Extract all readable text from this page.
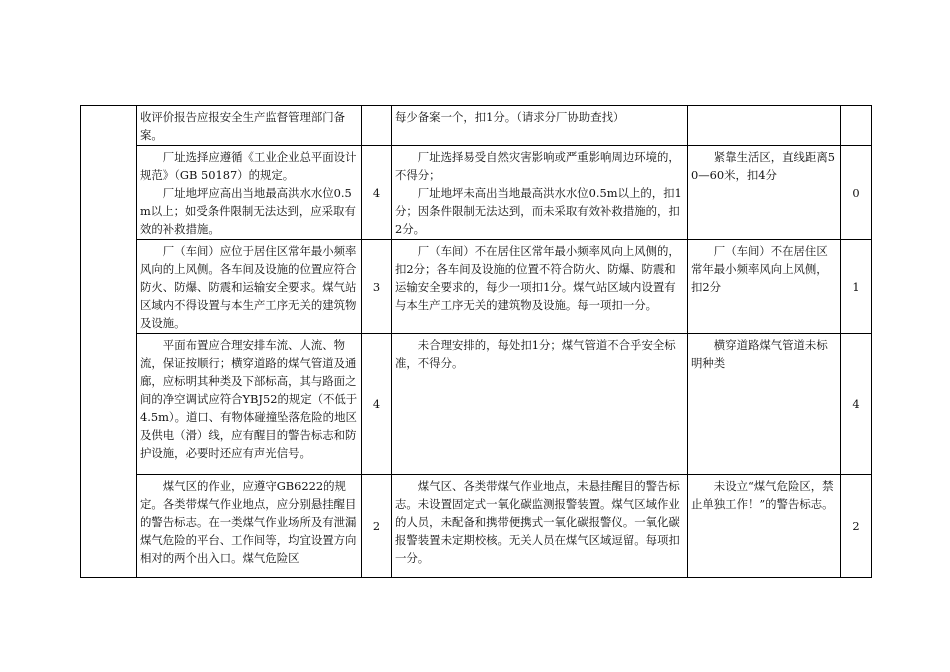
	收评价报告应报安全生产监督管理部门备案。		每少备案一个，扣1分。（请求分厂协助查找）		

	厂址选择应遵循《工业企业总平面设计规范》（GB 50187）的规定。
厂址地坪应高出当地最高洪水水位0.5m以上；如受条件限制无法达到，应采取有效的补救措施。	4	厂址选择易受自然灾害影响或严重影响周边环境的，不得分；
厂址地坪未高出当地最高洪水水位0.5m以上的，扣1分；因条件限制无法达到，而未采取有效补救措施的，扣2分。	紧靠生活区，直线距离50—60米，扣4分	0

	厂（车间）应位于居住区常年最小频率风向的上风侧。各车间及设施的位置应符合防火、防爆、防震和运输安全要求。煤气站区域内不得设置与本生产工序无关的建筑物及设施。	3	厂（车间）不在居住区常年最小频率风向上风侧的，扣2分；各车间及设施的位置不符合防火、防爆、防震和运输安全要求的，每少一项扣1分。煤气站区域内设置有与本生产工序无关的建筑物及设施。每一项扣一分。	厂（车间）不在居住区常年最小频率风向上风侧，扣2分	1

	平面布置应合理安排车流、人流、物流，保证按顺行；横穿道路的煤气管道及通廊，应标明其种类及下部标高，其与路面之间的净空调试应符合YBJ52的规定（不低于4.5m）。道口、有物体碰撞坠落危险的地区及供电（滑）线，应有醒目的警告标志和防护设施，必要时还应有声光信号。	4	未合理安排的，每处扣1分；煤气管道不合乎安全标准，不得分。	横穿道路煤气管道未标明种类	4

	煤气区的作业，应遵守GB6222的规定。各类带煤气作业地点，应分别悬挂醒目的警告标志。在一类煤气作业场所及有泄漏煤气危险的平台、工作间等，均宜设置方向相对的两个出入口。煤气危险区	2	煤气区、各类带煤气作业地点，未悬挂醒目的警告标志。未设置固定式一氧化碳监测报警装置。煤气区域作业的人员，未配备和携带便携式一氧化碳报警仪。一氧化碳报警装置未定期校核。无关人员在煤气区域逗留。每项扣一分。	未设立“煤气危险区，禁止单独工作！”的警告标志。	2
